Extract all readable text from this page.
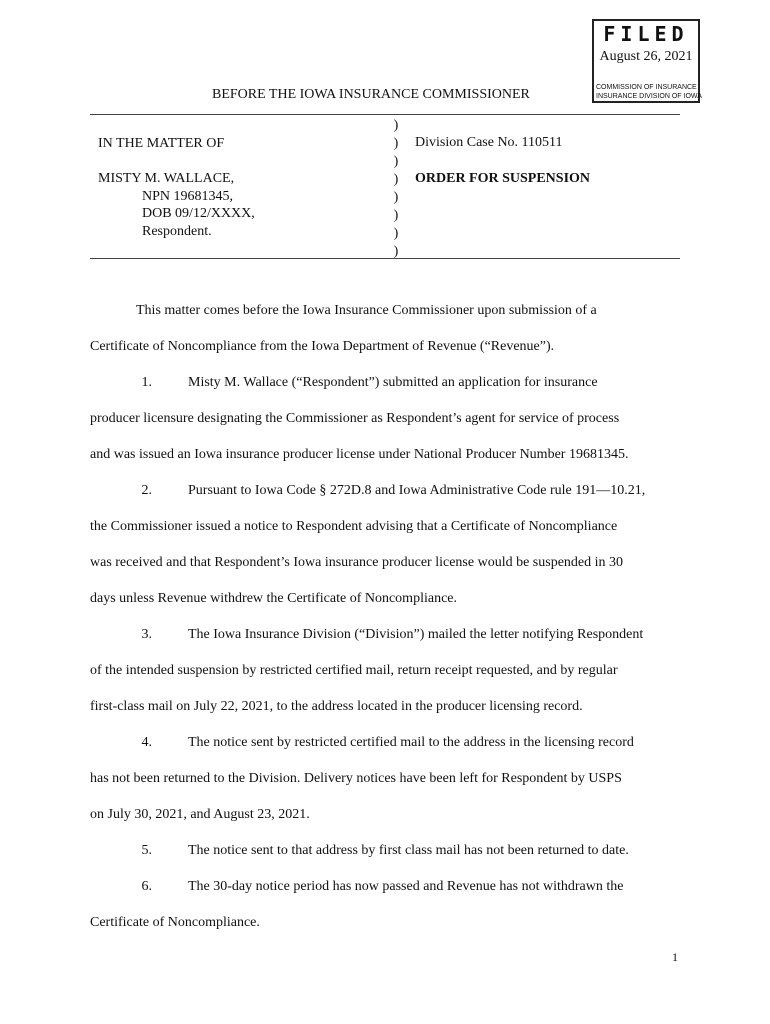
FILED
August 26, 2021
COMMISSION OF INSURANCE
INSURANCE DIVISION OF IOWA
BEFORE THE IOWA INSURANCE COMMISSIONER
IN THE MATTER OF
MISTY M. WALLACE,
NPN 19681345,
DOB 09/12/XXXX,
Respondent.
)
)
)
)
)
)
)
)
Division Case No. 110511
ORDER FOR SUSPENSION

This matter comes before the Iowa Insurance Commissioner upon submission of a

Certificate of Noncompliance from the Iowa Department of Revenue (“Revenue”).

1.	Misty M. Wallace (“Respondent”) submitted an application for insurance

producer licensure designating the Commissioner as Respondent’s agent for service of process

and was issued an Iowa insurance producer license under National Producer Number 19681345.

2.	Pursuant to Iowa Code § 272D.8 and Iowa Administrative Code rule 191—10.21,

the Commissioner issued a notice to Respondent advising that a Certificate of Noncompliance

was received and that Respondent’s Iowa insurance producer license would be suspended in 30

days unless Revenue withdrew the Certificate of Noncompliance.

3.	The Iowa Insurance Division (“Division”) mailed the letter notifying Respondent

of the intended suspension by restricted certified mail, return receipt requested, and by regular

first-class mail on July 22, 2021, to the address located in the producer licensing record.

4.	The notice sent by restricted certified mail to the address in the licensing record

has not been returned to the Division. Delivery notices have been left for Respondent by USPS

on July 30, 2021, and August 23, 2021.

5.	The notice sent to that address by first class mail has not been returned to date.

6.	The 30-day notice period has now passed and Revenue has not withdrawn the

Certificate of Noncompliance.

1
